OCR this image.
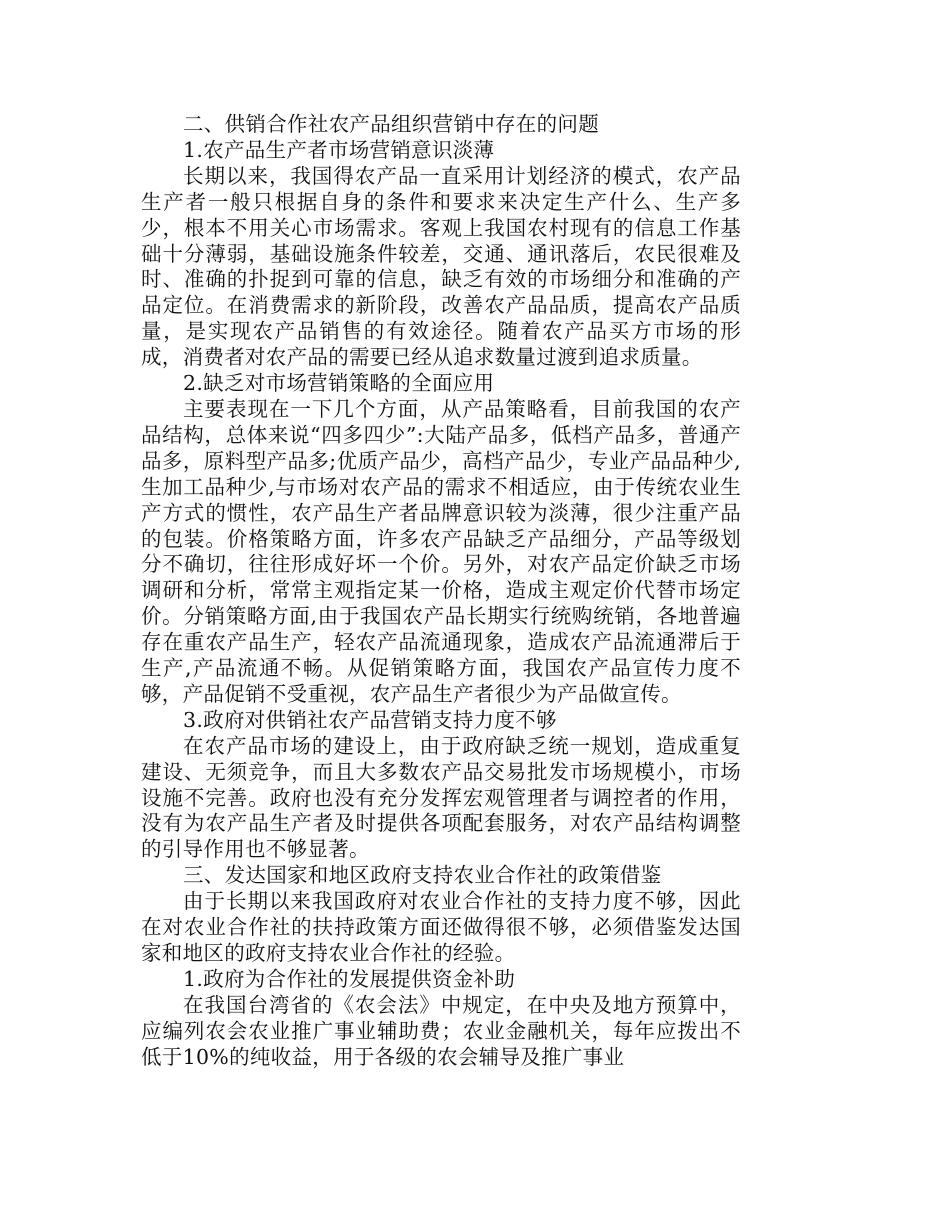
二、供销合作社农产品组织营销中存在的问题

1.农产品生产者市场营销意识淡薄

长期以来，我国得农产品一直采用计划经济的模式，农产品生产者一般只根据自身的条件和要求来决定生产什么、生产多少，根本不用关心市场需求。客观上我国农村现有的信息工作基础十分薄弱，基础设施条件较差，交通、通讯落后，农民很难及时、准确的扑捉到可靠的信息，缺乏有效的市场细分和准确的产品定位。在消费需求的新阶段，改善农产品品质，提高农产品质量，是实现农产品销售的有效途径。随着农产品买方市场的形成，消费者对农产品的需要已经从追求数量过渡到追求质量。

2.缺乏对市场营销策略的全面应用

主要表现在一下几个方面，从产品策略看，目前我国的农产品结构，总体来说“四多四少”:大陆产品多，低档产品多，普通产品多，原料型产品多;优质产品少，高档产品少，专业产品品种少,生加工品种少,与市场对农产品的需求不相适应，由于传统农业生产方式的惯性，农产品生产者品牌意识较为淡薄，很少注重产品的包装。价格策略方面，许多农产品缺乏产品细分，产品等级划分不确切，往往形成好坏一个价。另外，对农产品定价缺乏市场调研和分析，常常主观指定某一价格，造成主观定价代替市场定价。分销策略方面,由于我国农产品长期实行统购统销，各地普遍存在重农产品生产，轻农产品流通现象，造成农产品流通滞后于生产,产品流通不畅。从促销策略方面，我国农产品宣传力度不够，产品促销不受重视，农产品生产者很少为产品做宣传。

3.政府对供销社农产品营销支持力度不够

在农产品市场的建设上，由于政府缺乏统一规划，造成重复建设、无须竞争，而且大多数农产品交易批发市场规模小，市场设施不完善。政府也没有充分发挥宏观管理者与调控者的作用，没有为农产品生产者及时提供各项配套服务，对农产品结构调整的引导作用也不够显著。

三、发达国家和地区政府支持农业合作社的政策借鉴

由于长期以来我国政府对农业合作社的支持力度不够，因此在对农业合作社的扶持政策方面还做得很不够，必须借鉴发达国家和地区的政府支持农业合作社的经验。

1.政府为合作社的发展提供资金补助

在我国台湾省的《农会法》中规定，在中央及地方预算中，应编列农会农业推广事业辅助费；农业金融机关，每年应拨出不低于10%的纯收益，用于各级的农会辅导及推广事业
